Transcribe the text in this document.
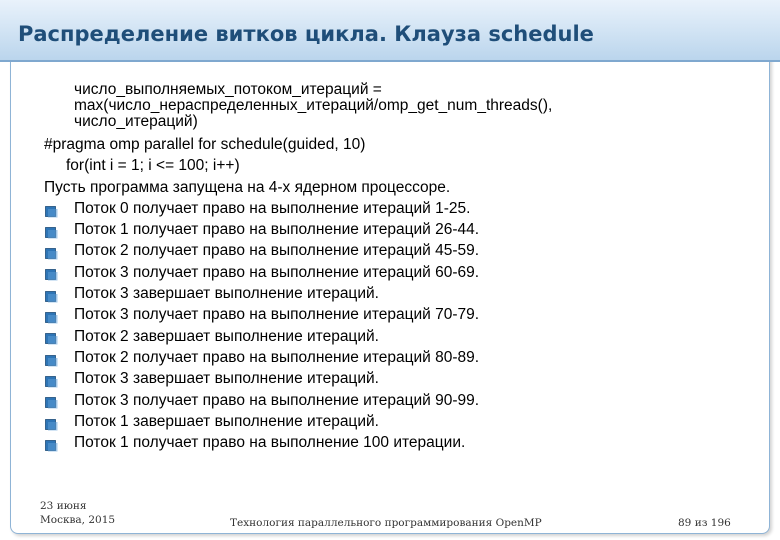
Распределение витков цикла. Клауза schedule
число_выполняемых_потоком_итераций =
max(число_нераспределенных_итераций/omp_get_num_threads(),
число_итераций)
#pragma omp parallel for schedule(guided, 10)
for(int i = 1; i <= 100; i++)
Пусть программа запущена на 4-х ядерном процессоре.
Поток 0 получает право на выполнение итераций 1-25.
Поток 1 получает право на выполнение итераций 26-44.
Поток 2 получает право на выполнение итераций 45-59.
Поток 3 получает право на выполнение итераций 60-69.
Поток 3 завершает выполнение итераций.
Поток 3 получает право на выполнение итераций 70-79.
Поток 2 завершает выполнение итераций.
Поток 2 получает право на выполнение итераций 80-89.
Поток 3 завершает выполнение итераций.
Поток 3 получает право на выполнение итераций 90-99.
Поток 1 завершает выполнение итераций.
Поток 1 получает право на выполнение 100 итерации.
23 июня
Москва, 2015	Технология параллельного программирования OpenMP	89 из 196
